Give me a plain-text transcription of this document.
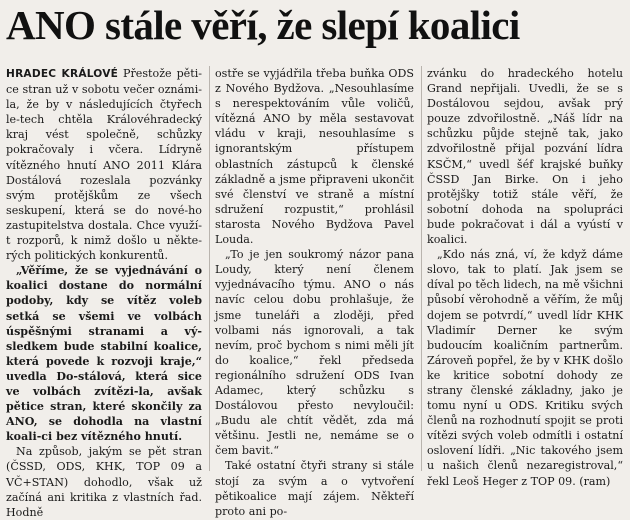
ANO stále věří, že slepí koalici

HRADEC KRÁLOVÉ Přestože pěti-ce stran už v sobotu večer oznámi-la, že by v následujících čtyřech le-tech chtěla Královéhradecký kraj vést společně, schůzky pokračovaly i včera. Lídryně vítězného hnutí ANO 2011 Klára Dostálová rozeslala pozvánky svým protějškům ze všech seskupení, která se do nové-ho zastupitelstva dostala. Chce využí-t rozporů, k nimž došlo u někte-rých politických konkurentů.

„Věříme, že se vyjednávání o koalici dostane do normální podoby, kdy se vítěz voleb setká se všemi ve volbách úspěšnými stranami a vý-sledkem bude stabilní koalice, která povede k rozvoji kraje,“ uvedla Do-stálová, která sice ve volbách zvítězi-la, avšak pětice stran, které skončily za ANO, se dohodla na vlastní koali-ci bez vítězného hnutí.

Na způsob, jakým se pět stran (ČSSD, ODS, KHK, TOP 09 a VČ+STAN) dohodlo, však už začíná ani kritika z vlastních řad. Hodně

ostře se vyjádřila třeba buňka ODS z Nového Bydžova. „Nesouhlasíme s nerespektováním vůle voličů, vítězná ANO by měla sestavovat vládu v kraji, nesouhlasíme s ignorantským přístupem oblastních zástupců k členské základně a jsme připraveni ukončit své členství ve straně a místní sdružení rozpustit,“ prohlásil starosta Nového Bydžova Pavel Louda.

„To je jen soukromý názor pana Loudy, který není členem vyjednávacího týmu. ANO o nás navíc celou dobu prohlašuje, že jsme tuneláři a zloději, před volbami nás ignorovali, a tak nevím, proč bychom s nimi měli jít do koalice,“ řekl předseda regionálního sdružení ODS Ivan Adamec, který schůzku s Dostálovou přesto nevyloučil: „Budu ale chtít vědět, zda má většinu. Jestli ne, nemáme se o čem bavit.“

Také ostatní čtyři strany si stále stojí za svým a o vytvoření pětikoalice mají zájem. Někteří proto ani po-

zvánku do hradeckého hotelu Grand nepřijali. Uvedli, že se s Dostálovou sejdou, avšak prý pouze zdvořilostně. „Náš lídr na schůzku půjde stejně tak, jako zdvořilostně přijal pozvání lídra KSČM,“ uvedl šéf krajské buňky ČSSD Jan Birke. On i jeho protějšky totiž stále věří, že sobotní dohoda na spolupráci bude pokračovat i dál a vyústí v koalici.

„Kdo nás zná, ví, že když dáme slovo, tak to platí. Jak jsem se díval po těch lidech, na mě všichni působí věrohodně a věřím, že můj dojem se potvrdí,“ uvedl lídr KHK Vladimír Derner ke svým budoucím koaličním partnerům. Zároveň popřel, že by v KHK došlo ke kritice sobotní dohody ze strany členské základny, jako je tomu nyní u ODS. Kritiku svých členů na rozhodnutí spojit se proti vítězi svých voleb odmítli i ostatní oslovení lídři. „Nic takového jsem u našich členů nezaregistroval,“ řekl Leoš Heger z TOP 09. (ram)
